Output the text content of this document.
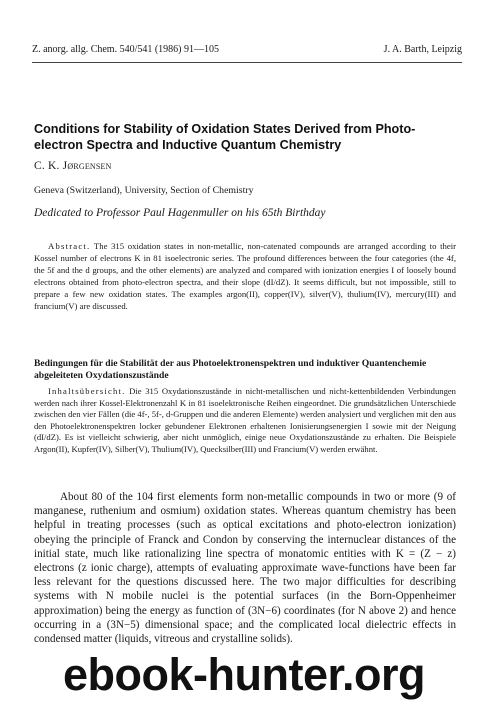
Z. anorg. allg. Chem. 540/541 (1986) 91—105	J. A. Barth, Leipzig
Conditions for Stability of Oxidation States Derived from Photo-electron Spectra and Inductive Quantum Chemistry
C. K. Jørgensen
Geneva (Switzerland), University, Section of Chemistry
Dedicated to Professor Paul Hagenmuller on his 65th Birthday

Abstract. The 315 oxidation states in non-metallic, non-catenated compounds are arranged according to their Kossel number of electrons K in 81 isoelectronic series. The profound differences between the four categories (the 4f, the 5f and the d groups, and the other elements) are analyzed and compared with ionization energies I of loosely bound electrons obtained from photo-electron spectra, and their slope (dI/dZ). It seems difficult, but not impossible, still to prepare a few new oxidation states. The examples argon(II), copper(IV), silver(V), thulium(IV), mercury(III) and francium(V) are discussed.

Bedingungen für die Stabilität der aus Photoelektronenspektren und induktiver Quantenchemie abgeleiteten Oxydationszustände

Inhaltsübersicht. Die 315 Oxydationszustände in nicht-metallischen und nicht-kettenbildenden Verbindungen werden nach ihrer Kossel-Elektronenzahl K in 81 isoelektronische Reihen eingeordnet. Die grundsätzlichen Unterschiede zwischen den vier Fällen (die 4f-, 5f-, d-Gruppen und die anderen Elemente) werden analysiert und verglichen mit den aus den Photoelektronenspektren locker gebundener Elektronen erhaltenen Ionisierungsenergien I sowie mit der Neigung (dI/dZ). Es ist vielleicht schwierig, aber nicht unmöglich, einige neue Oxydationszustände zu erhalten. Die Beispiele Argon(II), Kupfer(IV), Silber(V), Thulium(IV), Quecksilber(III) und Francium(V) werden erwähnt.

About 80 of the 104 first elements form non-metallic compounds in two or more (9 of manganese, ruthenium and osmium) oxidation states. Whereas quantum chemistry has been helpful in treating processes (such as optical excitations and photo-electron ionization) obeying the principle of Franck and Condon by conserving the internuclear distances of the initial state, much like rationalizing line spectra of monatomic entities with K = (Z − z) electrons (z ionic charge), attempts of evaluating approximate wave-functions have been far less relevant for the questions discussed here. The two major difficulties for describing systems with N mobile nuclei is the potential surfaces (in the Born-Oppenheimer approximation) being the energy as function of (3N−6) coordinates (for N above 2) and hence occurring in a (3N−5) dimensional space; and the complicated local dielectric effects in condensed matter (liquids, vitreous and crystalline solids).

ebook-hunter.org
